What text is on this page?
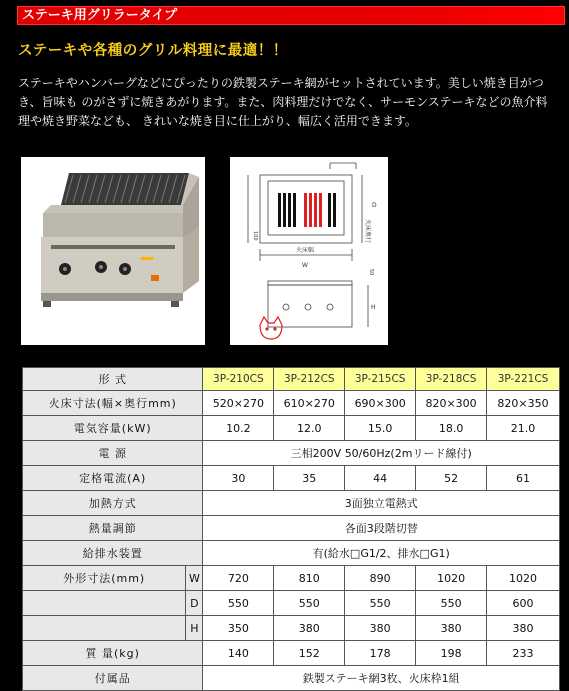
ステーキ用グリラータイプ
ステーキや各種のグリル料理に最適！！
ステーキやハンバーグなどにぴったりの鉄製ステーキ網がセットされています。美しい焼き目がつき、旨味も のがさずに焼きあがります。また、肉料理だけでなく、サーモンステーキなどの魚介料理や焼き野菜なども、 きれいな焼き目に仕上がり、幅広く活用できます。
火床幅
火床奥行
W
H
D
100
50
形 式		3P-210CS	3P-212CS	3P-215CS	3P-218CS	3P-221CS
火床寸法(幅×奥行mm)		520×270	610×270	690×300	820×300	820×350
電気容量(kW)		10.2	12.0	15.0	18.0	21.0
電 源		三相200V 50/60Hz(2mリード線付)				
定格電流(A)		30	35	44	52	61
加熱方式		3面独立電熱式				
熱量調節		各面3段階切替				
給排水装置		有(給水□G1/2、排水□G1)				
外形寸法(mm)	W	720	810	890	1020	1020
	D	550	550	550	550	600
	H	350	380	380	380	380
質 量(kg)		140	152	178	198	233
付属品		鉄製ステーキ網3枚、火床枠1組				
